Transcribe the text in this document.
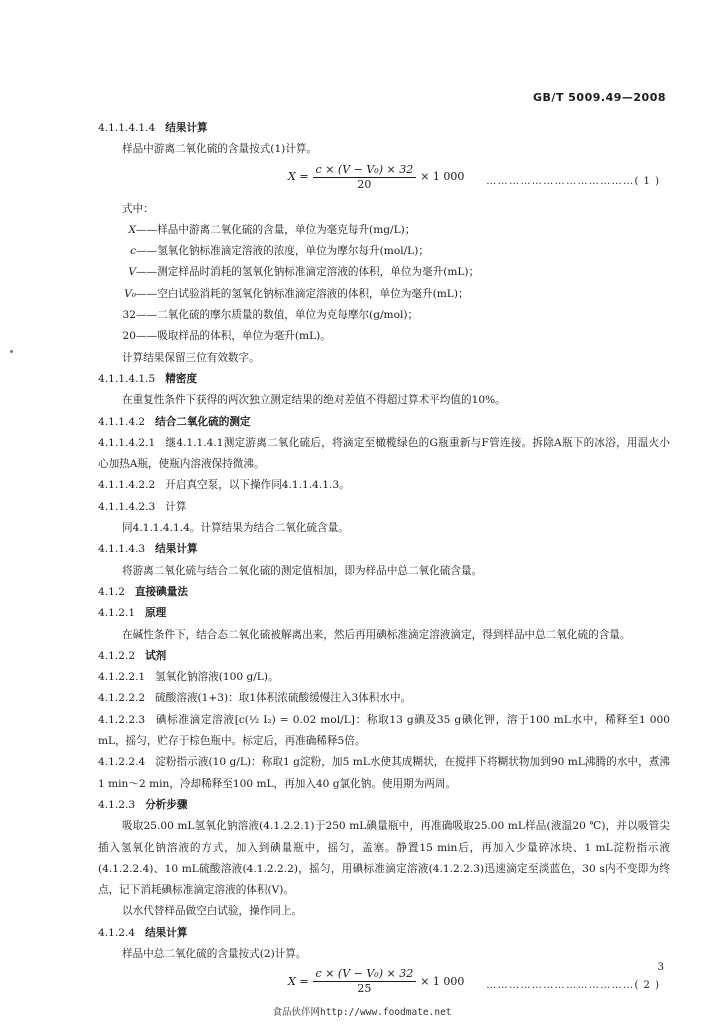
GB/T 5009.49—2008
4.1.1.4.1.4 结果计算
样品中游离二氧化硫的含量按式(1)计算。
$X = \frac{\text{c × (V − V₀) × 32}}{20} \times 1$ 000 …………………………………( 1 )
式中：
X——样品中游离二氧化硫的含量，单位为毫克每升(mg/L)；
c——氢氧化钠标准滴定溶液的浓度，单位为摩尔每升(mol/L)；
V——测定样品时消耗的氢氧化钠标准滴定溶液的体积，单位为毫升(mL)；
V₀——空白试验消耗的氢氧化钠标准滴定溶液的体积，单位为毫升(mL)；
32——二氧化硫的摩尔质量的数值，单位为克每摩尔(g/mol)；
20——吸取样品的体积，单位为毫升(mL)。
计算结果保留三位有效数字。
4.1.1.4.1.5 精密度
在重复性条件下获得的两次独立测定结果的绝对差值不得超过算术平均值的10%。
4.1.1.4.2 结合二氧化硫的测定
4.1.1.4.2.1 继4.1.1.4.1测定游离二氧化硫后，将滴定至橄榄绿色的G瓶重新与F管连接。拆除A瓶下的冰浴，用温火小心加热A瓶，使瓶内溶液保持微沸。
4.1.1.4.2.2 开启真空泵，以下操作同4.1.1.4.1.3。
4.1.1.4.2.3 计算
同4.1.1.4.1.4。计算结果为结合二氧化硫含量。
4.1.1.4.3 结果计算
将游离二氧化硫与结合二氧化硫的测定值相加，即为样品中总二氧化硫含量。
4.1.2 直接碘量法
4.1.2.1 原理
在碱性条件下，结合态二氧化硫被解离出来，然后再用碘标准滴定溶液滴定，得到样品中总二氧化硫的含量。
4.1.2.2 试剂
4.1.2.2.1 氢氧化钠溶液(100 g/L)。
4.1.2.2.2 硫酸溶液(1+3)：取1体积浓硫酸缓慢注入3体积水中。
4.1.2.2.3 碘标准滴定溶液[c(½ I₂) = 0.02 mol/L]：称取13 g碘及35 g碘化钾，溶于100 mL水中，稀释至1 000 mL，摇匀，贮存于棕色瓶中。标定后，再准确稀释5倍。
4.1.2.2.4 淀粉指示液(10 g/L)：称取1 g淀粉，加5 mL水使其成糊状，在搅拌下将糊状物加到90 mL沸腾的水中，煮沸1 min～2 min，冷却稀释至100 mL，再加入40 g氯化钠。使用期为两周。
4.1.2.3 分析步骤
吸取25.00 mL氢氧化钠溶液(4.1.2.2.1)于250 mL碘量瓶中，再准确吸取25.00 mL样品(液温20 ℃)，并以吸管尖插入氢氧化钠溶液的方式，加入到碘量瓶中，摇匀，盖塞。静置15 min后，再加入少量碎冰块、1 mL淀粉指示液(4.1.2.2.4)、10 mL硫酸溶液(4.1.2.2.2)，摇匀，用碘标准滴定溶液(4.1.2.2.3)迅速滴定至淡蓝色，30 s内不变即为终点，记下消耗碘标准滴定溶液的体积(V)。
以水代替样品做空白试验，操作同上。
4.1.2.4 结果计算
样品中总二氧化硫的含量按式(2)计算。
$X = \frac{\text{c × (V − V₀) × 32}}{25} \times 1$ 000 …………………………………( 2 )
3
食品伙伴网http://www.foodmate.net
